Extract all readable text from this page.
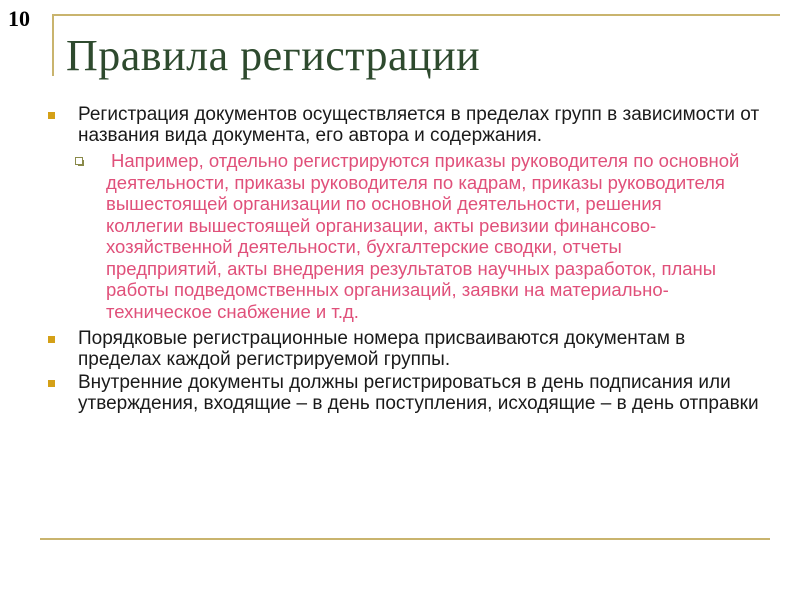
10
Правила регистрации
Регистрация документов осуществляется в пределах групп в зависимости от названия вида документа, его автора и содержания.
Например, отдельно регистрируются приказы руководителя по основной деятельности, приказы руководителя по кадрам, приказы руководителя вышестоящей организации по основной деятельности, решения коллегии вышестоящей организации, акты ревизии финансово-хозяйственной деятельности, бухгалтерские сводки, отчеты предприятий, акты внедрения результатов научных разработок, планы работы подведомственных организаций, заявки на материально-техническое снабжение и т.д.
Порядковые регистрационные номера присваиваются документам в пределах каждой регистрируемой группы.
Внутренние документы должны регистрироваться в день подписания или утверждения, входящие – в день поступления, исходящие – в день отправки
